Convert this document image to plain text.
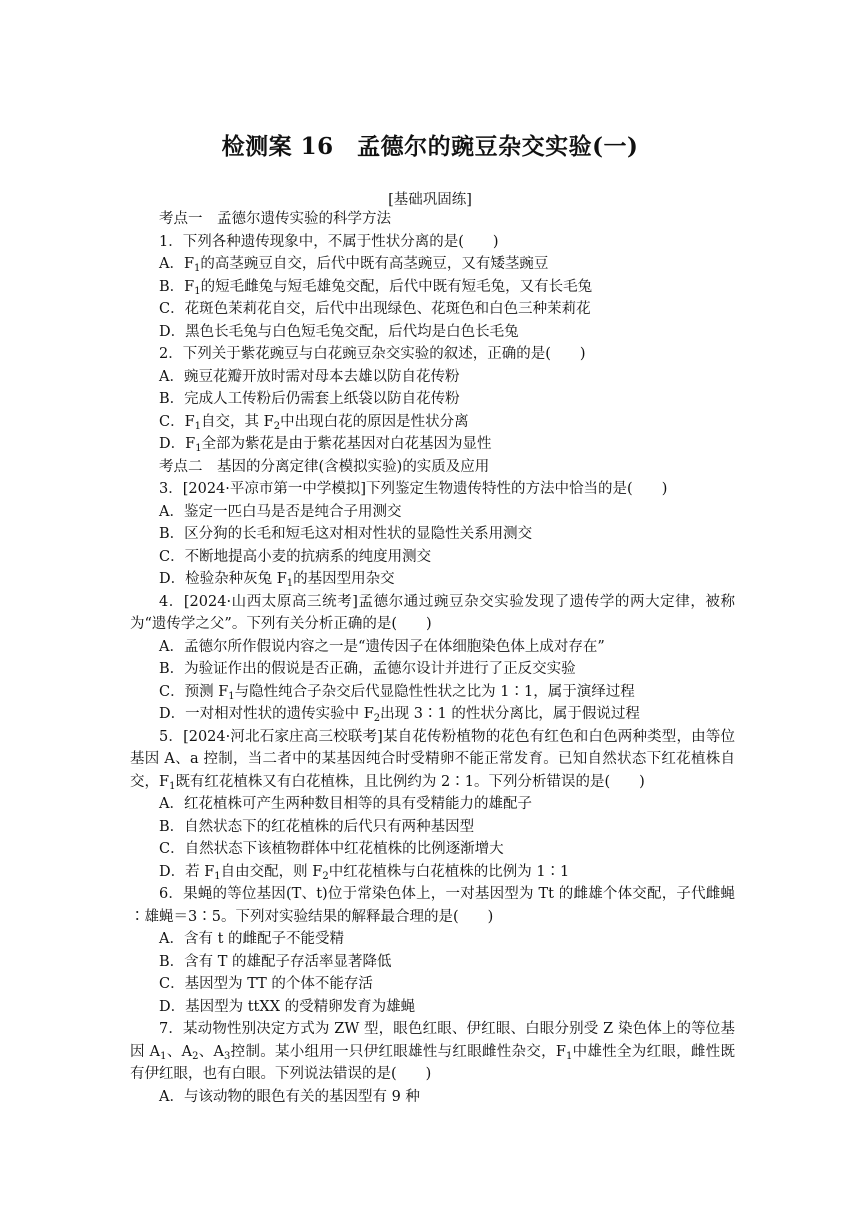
检测案 16　孟德尔的豌豆杂交实验(一)
[基础巩固练]

考点一　孟德尔遗传实验的科学方法

1．下列各种遗传现象中，不属于性状分离的是(　　)

A．$F_1$的高茎豌豆自交，后代中既有高茎豌豆，又有矮茎豌豆

B．$F_1$的短毛雌兔与短毛雄兔交配，后代中既有短毛兔，又有长毛兔

C．花斑色茉莉花自交，后代中出现绿色、花斑色和白色三种茉莉花

D．黑色长毛兔与白色短毛兔交配，后代均是白色长毛兔

2．下列关于紫花豌豆与白花豌豆杂交实验的叙述，正确的是(　　)

A．豌豆花瓣开放时需对母本去雄以防自花传粉

B．完成人工传粉后仍需套上纸袋以防自花传粉

C．$F_1$自交，其 $F_2$中出现白花的原因是性状分离

D．$F_1$全部为紫花是由于紫花基因对白花基因为显性

考点二　基因的分离定律(含模拟实验)的实质及应用

3．[2024·平凉市第一中学模拟]下列鉴定生物遗传特性的方法中恰当的是(　　)

A．鉴定一匹白马是否是纯合子用测交

B．区分狗的长毛和短毛这对相对性状的显隐性关系用测交

C．不断地提高小麦的抗病系的纯度用测交

D．检验杂种灰兔 $F_1$的基因型用杂交

4．[2024·山西太原高三统考]孟德尔通过豌豆杂交实验发现了遗传学的两大定律，被称为“遗传学之父”。下列有关分析正确的是(　　)

A．孟德尔所作假说内容之一是“遗传因子在体细胞染色体上成对存在”

B．为验证作出的假说是否正确，孟德尔设计并进行了正反交实验

C．预测 $F_1$与隐性纯合子杂交后代显隐性性状之比为 1∶1，属于演绎过程

D．一对相对性状的遗传实验中 $F_2$出现 3∶1 的性状分离比，属于假说过程

5．[2024·河北石家庄高三校联考]某自花传粉植物的花色有红色和白色两种类型，由等位基因 A、a 控制，当二者中的某基因纯合时受精卵不能正常发育。已知自然状态下红花植株自交，$F_1$既有红花植株又有白花植株，且比例约为 2∶1。下列分析错误的是(　　)

A．红花植株可产生两种数目相等的具有受精能力的雄配子

B．自然状态下的红花植株的后代只有两种基因型

C．自然状态下该植物群体中红花植株的比例逐渐增大

D．若 $F_1$自由交配，则 $F_2$中红花植株与白花植株的比例为 1∶1

6．果蝇的等位基因(T、t)位于常染色体上，一对基因型为 Tt 的雌雄个体交配，子代雌蝇∶雄蝇＝3∶5。下列对实验结果的解释最合理的是(　　)

A．含有 t 的雌配子不能受精

B．含有 T 的雄配子存活率显著降低

C．基因型为 TT 的个体不能存活

D．基因型为 ttXX 的受精卵发育为雄蝇

7．某动物性别决定方式为 ZW 型，眼色红眼、伊红眼、白眼分别受 Z 染色体上的等位基因 $A_1$、$A_2$、$A_3$控制。某小组用一只伊红眼雄性与红眼雌性杂交，$F_1$中雄性全为红眼，雌性既有伊红眼，也有白眼。下列说法错误的是(　　)

A．与该动物的眼色有关的基因型有 9 种
